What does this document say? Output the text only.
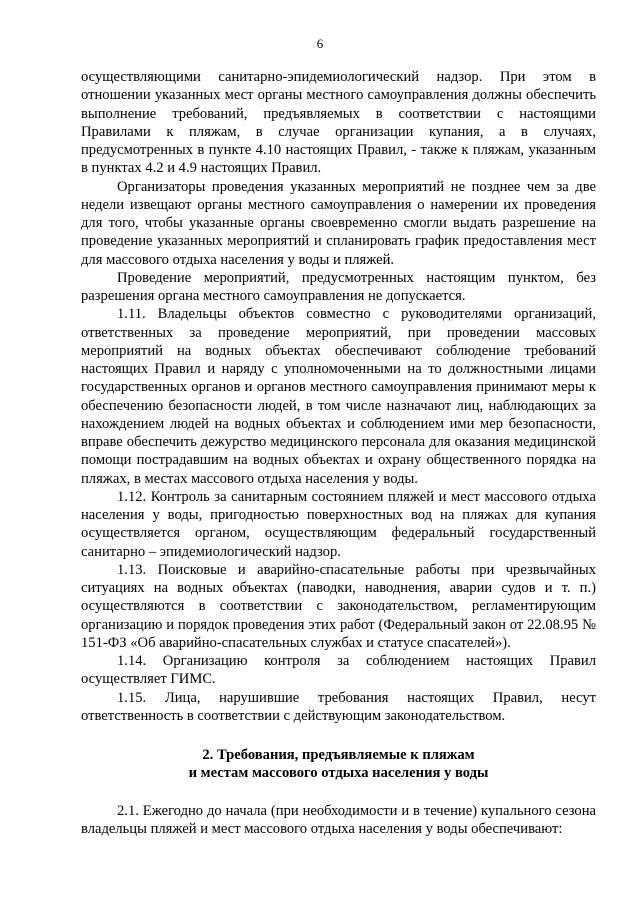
6

осуществляющими санитарно-эпидемиологический надзор. При этом в отношении указанных мест органы местного самоуправления должны обеспечить выполнение требований, предъявляемых в соответствии с настоящими Правилами к пляжам, в случае организации купания, а в случаях, предусмотренных в пункте 4.10 настоящих Правил, - также к пляжам, указанным в пунктах 4.2 и 4.9 настоящих Правил.

Организаторы проведения указанных мероприятий не позднее чем за две недели извещают органы местного самоуправления о намерении их проведения для того, чтобы указанные органы своевременно смогли выдать разрешение на проведение указанных мероприятий и спланировать график предоставления мест для массового отдыха населения у воды и пляжей.

Проведение мероприятий, предусмотренных настоящим пунктом, без разрешения органа местного самоуправления не допускается.

1.11. Владельцы объектов совместно с руководителями организаций, ответственных за проведение мероприятий, при проведении массовых мероприятий на водных объектах обеспечивают соблюдение требований настоящих Правил и наряду с уполномоченными на то должностными лицами государственных органов и органов местного самоуправления принимают меры к обеспечению безопасности людей, в том числе назначают лиц, наблюдающих за нахождением людей на водных объектах и соблюдением ими мер безопасности, вправе обеспечить дежурство медицинского персонала для оказания медицинской помощи пострадавшим на водных объектах и охрану общественного порядка на пляжах, в местах массового отдыха населения у воды.

1.12. Контроль за санитарным состоянием пляжей и мест массового отдыха населения у воды, пригодностью поверхностных вод на пляжах для купания осуществляется органом, осуществляющим федеральный государственный санитарно – эпидемиологический надзор.

1.13. Поисковые и аварийно-спасательные работы при чрезвычайных ситуациях на водных объектах (паводки, наводнения, аварии судов и т. п.) осуществляются в соответствии с законодательством, регламентирующим организацию и порядок проведения этих работ (Федеральный закон от 22.08.95 № 151-ФЗ «Об аварийно-спасательных службах и статусе спасателей»).

1.14. Организацию контроля за соблюдением настоящих Правил осуществляет ГИМС.

1.15. Лица, нарушившие требования настоящих Правил, несут ответственность в соответствии с действующим законодательством.

2. Требования, предъявляемые к пляжам
и местам массового отдыха населения у воды

2.1. Ежегодно до начала (при необходимости и в течение) купального сезона владельцы пляжей и мест массового отдыха населения у воды обеспечивают:
